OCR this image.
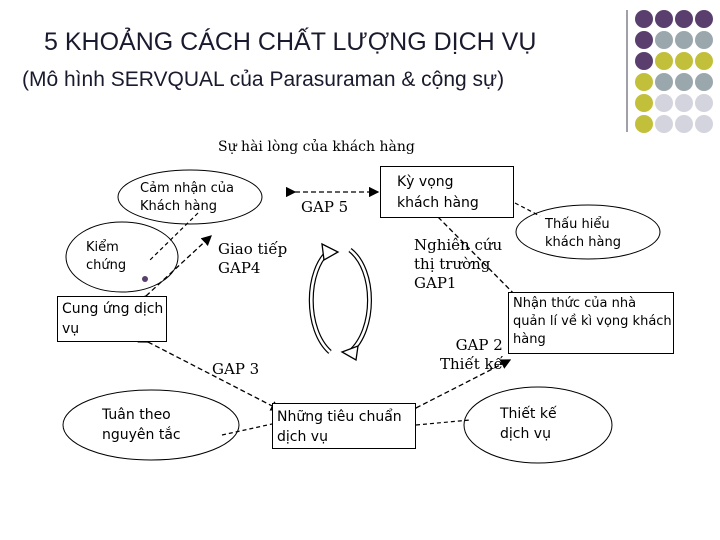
5 KHOẢNG CÁCH CHẤT LƯỢNG DỊCH VỤ
(Mô hình SERVQUAL của Parasuraman & cộng sự)
Sự hài lòng của khách hàng
Cảm nhận của
Khách hàng
Kỳ vọng
khách hàng
GAP 5
Thấu hiểu
khách hàng
Kiểm
chứng
Giao tiếp
GAP4
Nghiên cứu
thị trường
GAP1
Nhận thức của nhà
quản lí về kì vọng khách
hàng
Cung ứng dịch
vụ
GAP 2
Thiết kế
GAP 3
Tuân theo
nguyên tắc
Những tiêu chuẩn
dịch vụ
Thiết kế
dịch vụ
